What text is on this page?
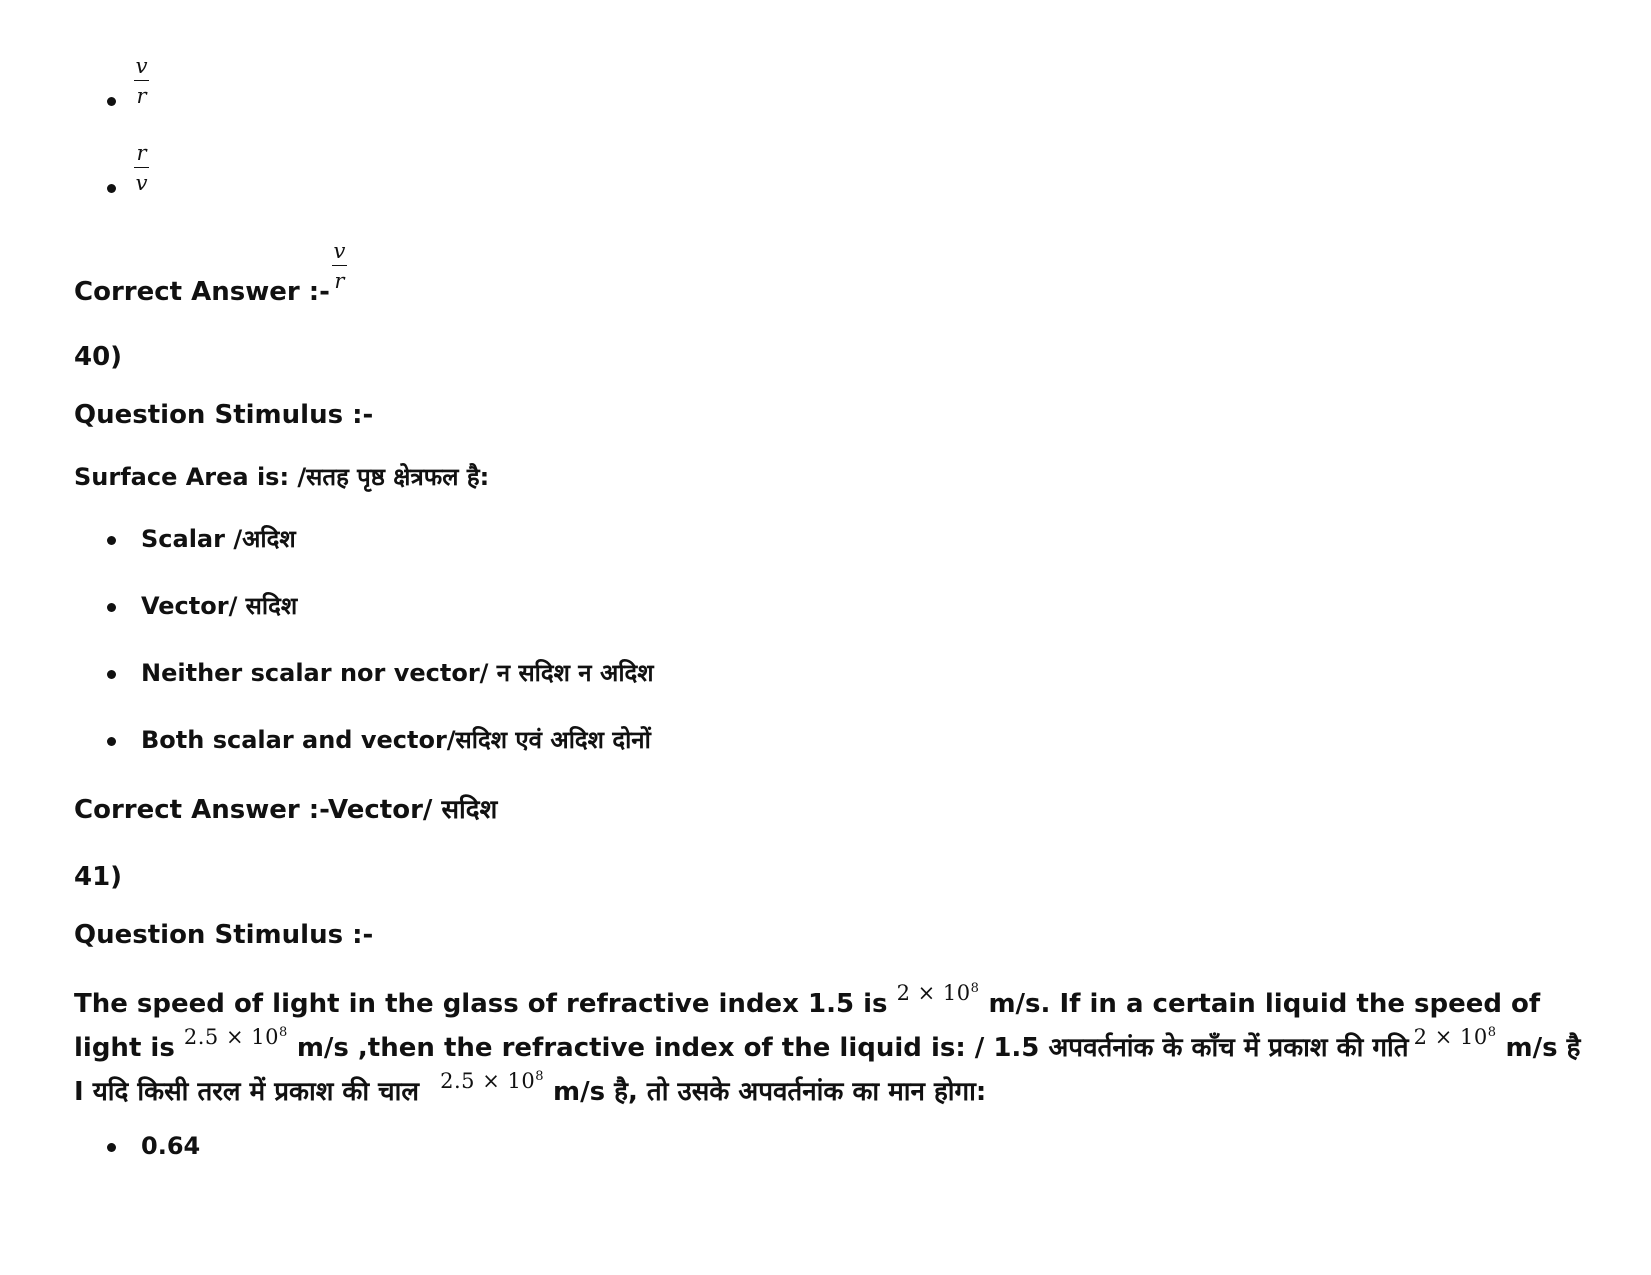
v
r
r
v
Correct Answer :- $\frac{v}{r}$
40)
Question Stimulus :-
Surface Area is: /सतह पृष्ठ क्षेत्रफल है:
Scalar /अदिश
Vector/ सदिश
Neither scalar nor vector/ न सदिश न अदिश
Both scalar and vector/सदिश एवं अदिश दोनों
Correct Answer :-Vector/ सदिश
41)
Question Stimulus :-

The speed of light in the glass of refractive index 1.5 is $^{2 \times 10^8}$ m/s. If in a certain liquid the speed of light is $^{2.5 \times 10^8}$ m/s ,then the refractive index of the liquid is: / 1.5 अपवर्तनांक के काँच में प्रकाश की गति $^{2 \times 10^8}$ m/s है I यदि किसी तरल में प्रकाश की चाल $^{2.5 \times 10^8}$ m/s है, तो उसके अपवर्तनांक का मान होगा:

0.64
